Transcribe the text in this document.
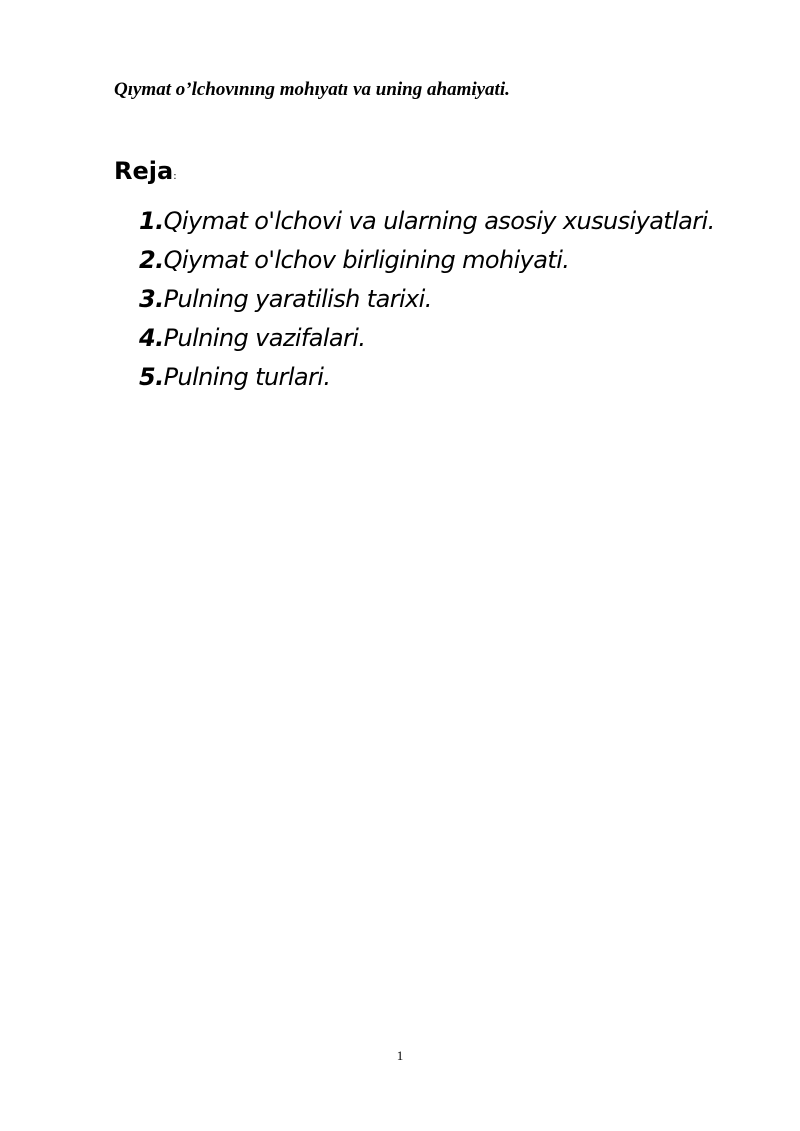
Qıymat o’lchovınıng mohıyatı va uning ahamiyati.
Reja:
1.Qiymat o'lchovi va ularning asosiy xususiyatlari.
2.Qiymat o'lchov birligining mohiyati.
3.Pulning yaratilish tarixi.
4.Pulning vazifalari.
5.Pulning turlari.
1
